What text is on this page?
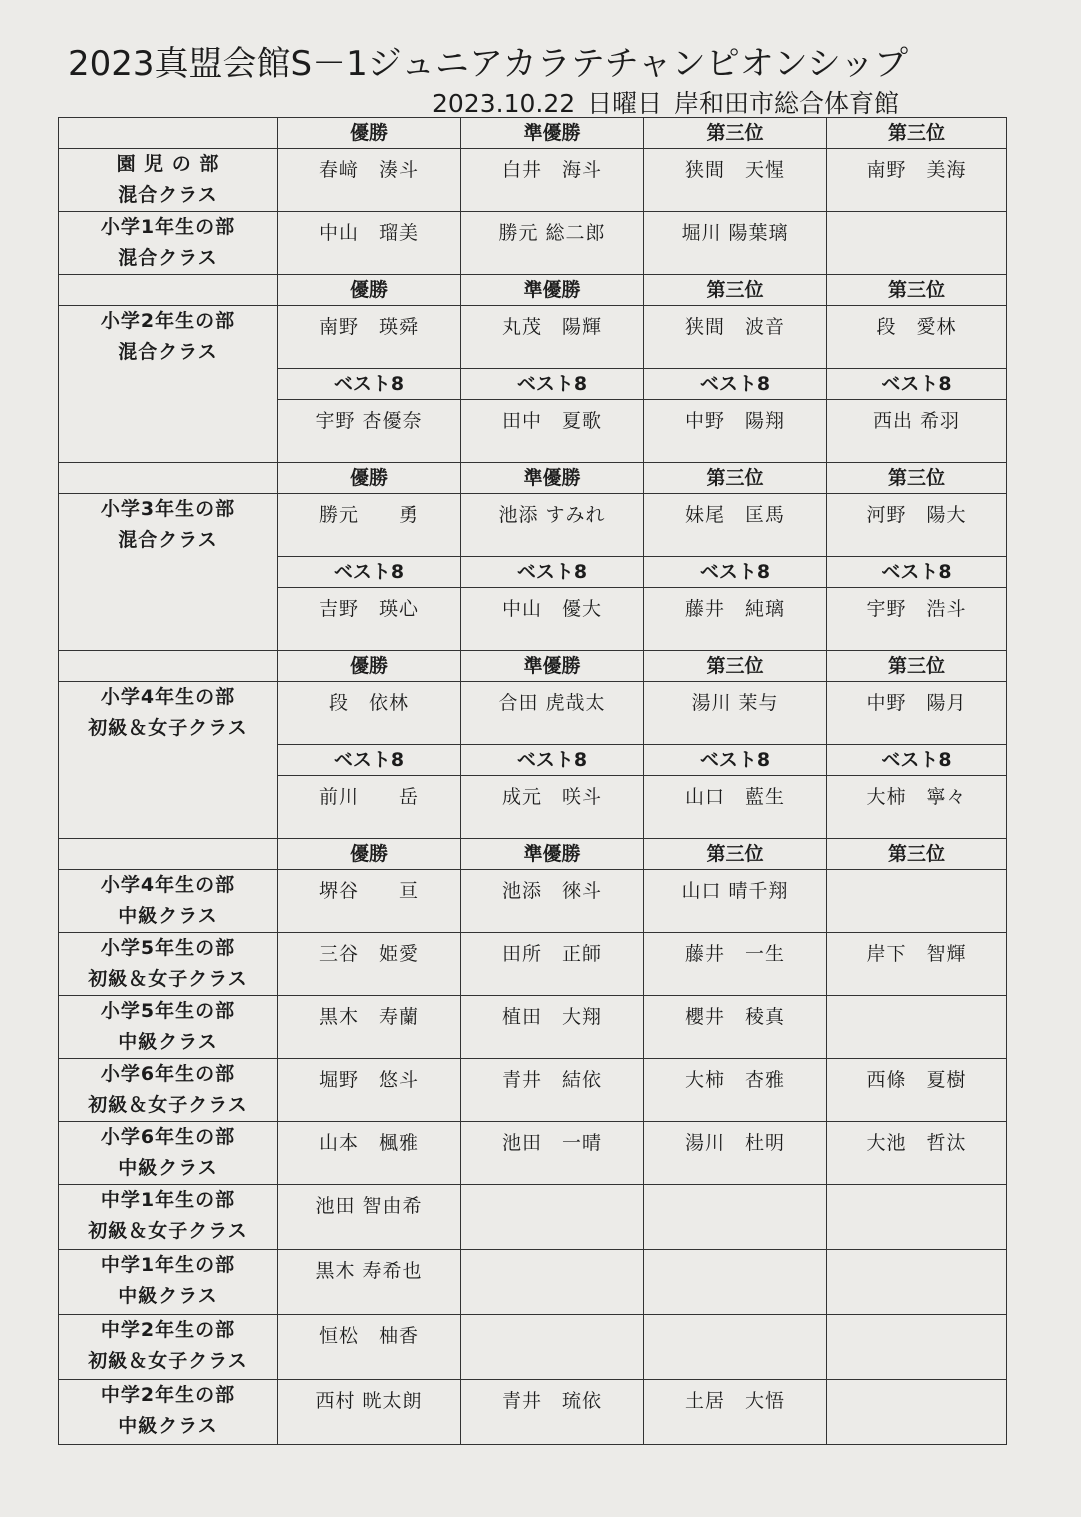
2023真盟会館S－1ジュニアカラテチャンピオンシップ
2023.10.22 日曜日 岸和田市総合体育館
	優勝	準優勝	第三位	第三位

園 児 の 部
混合クラス	春﨑　湊斗	白井　海斗	狭間　天惺	南野　美海

小学1年生の部
混合クラス	中山　瑠美	勝元 総二郎	堀川 陽葉璃	

	優勝	準優勝	第三位	第三位

小学2年生の部
混合クラス	南野　瑛舜	丸茂　陽輝	狭間　波音	段　愛林

	ベスト8	ベスト8	ベスト8	ベスト8

	宇野 杏優奈	田中　夏歌	中野　陽翔	西出 希羽

	優勝	準優勝	第三位	第三位

小学3年生の部
混合クラス	勝元　　勇	池添 すみれ	妹尾　匡馬	河野　陽大

	ベスト8	ベスト8	ベスト8	ベスト8

	吉野　瑛心	中山　優大	藤井　純璃	宇野　浩斗

	優勝	準優勝	第三位	第三位

小学4年生の部
初級＆女子クラス	段　依林	合田 虎哉太	湯川 茉与	中野　陽月

	ベスト8	ベスト8	ベスト8	ベスト8

	前川　　岳	成元　咲斗	山口　藍生	大柿　寧々

	優勝	準優勝	第三位	第三位

小学4年生の部
中級クラス	堺谷　　亘	池添　徠斗	山口 晴千翔	

小学5年生の部
初級＆女子クラス	三谷　姫愛	田所　正師	藤井　一生	岸下　智輝

小学5年生の部
中級クラス	黒木　寿蘭	植田　大翔	櫻井　稜真	

小学6年生の部
初級＆女子クラス	堀野　悠斗	青井　結依	大柿　杏雅	西條　夏樹

小学6年生の部
中級クラス	山本　楓雅	池田　一晴	湯川　杜明	大池　哲汰

中学1年生の部
初級＆女子クラス	池田 智由希			

中学1年生の部
中級クラス	黒木 寿希也			

中学2年生の部
初級＆女子クラス	恒松　柚香			

中学2年生の部
中級クラス	西村 晄太朗	青井　琉依	土居　大悟	
